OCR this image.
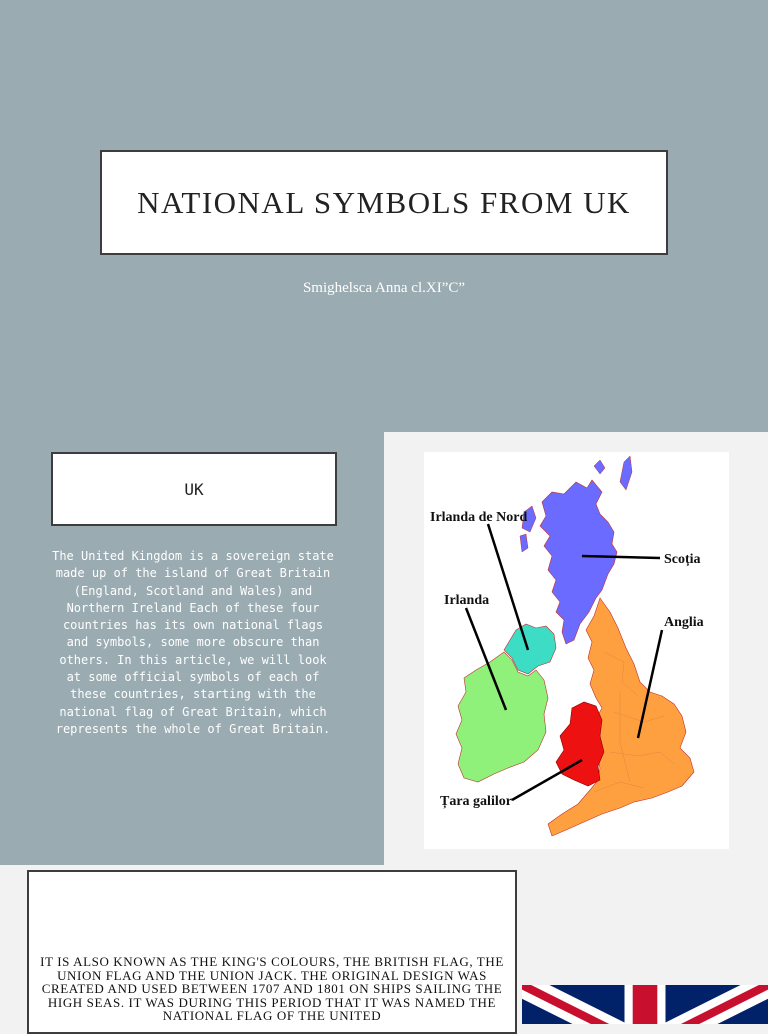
NATIONAL SYMBOLS FROM UK
Smighelsca Anna cl.XI”C”
UK
The United Kingdom is a sovereign state made up of the island of Great Britain (England, Scotland and Wales) and Northern Ireland Each of these four countries has its own national flags and symbols, some more obscure than others. In this article, we will look at some official symbols of each of these countries, starting with the national flag of Great Britain, which represents the whole of Great Britain.
Irlanda de Nord
Scoția
Irlanda
Anglia
Țara galilor
IT IS ALSO KNOWN AS THE KING'S COLOURS, THE BRITISH FLAG, THE UNION FLAG AND THE UNION JACK. THE ORIGINAL DESIGN WAS CREATED AND USED BETWEEN 1707 AND 1801 ON SHIPS SAILING THE HIGH SEAS. IT WAS DURING THIS PERIOD THAT IT WAS NAMED THE NATIONAL FLAG OF THE UNITED
